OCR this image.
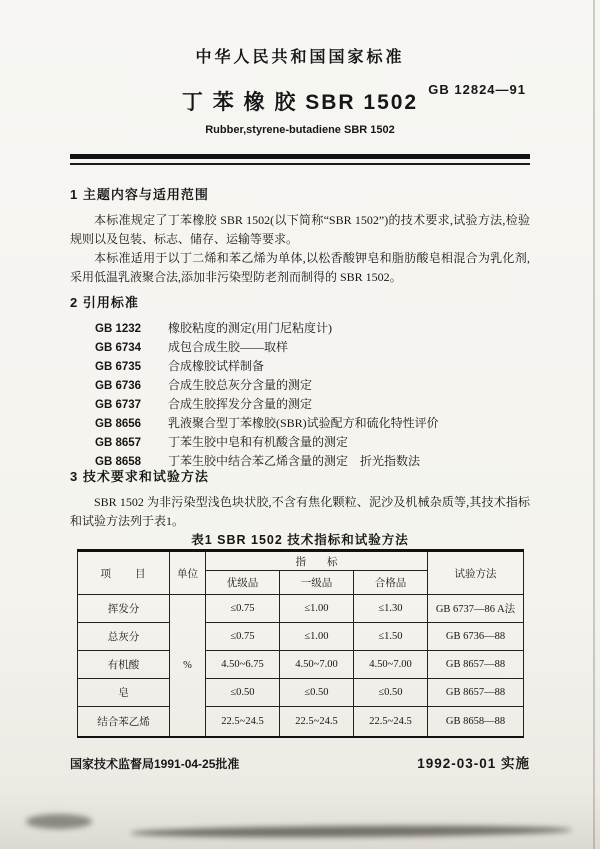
中华人民共和国国家标准
GB 12824—91
丁 苯 橡 胶 SBR 1502
Rubber,styrene-butadiene SBR 1502
1 主题内容与适用范围

本标准规定了丁苯橡胶 SBR 1502(以下简称“SBR 1502”)的技术要求,试验方法,检验规则以及包装、标志、储存、运输等要求。

本标准适用于以丁二烯和苯乙烯为单体,以松香酸钾皂和脂肪酸皂相混合为乳化剂,采用低温乳液聚合法,添加非污染型防老剂而制得的 SBR 1502。

2 引用标准
GB 1232 橡胶粘度的测定(用门尼粘度计)
GB 6734 成包合成生胶——取样
GB 6735 合成橡胶试样制备
GB 6736 合成生胶总灰分含量的测定
GB 6737 合成生胶挥发分含量的测定
GB 8656 乳液聚合型丁苯橡胶(SBR)试验配方和硫化特性评价
GB 8657 丁苯生胶中皂和有机酸含量的测定
GB 8658 丁苯生胶中结合苯乙烯含量的测定　折光指数法
3 技术要求和试验方法

SBR 1502 为非污染型浅色块状胶,不含有焦化颗粒、泥沙及机械杂质等,其技术指标和试验方法列于表1。

表1 SBR 1502 技术指标和试验方法
项　　目	单位	指　　标			试验方法
		优级品	一级品	合格品	
挥发分	%	≤0.75	≤1.00	≤1.30	GB 6737—86 A法
总灰分		≤0.75	≤1.00	≤1.50	GB 6736—88
有机酸		4.50~6.75	4.50~7.00	4.50~7.00	GB 8657—88
皂		≤0.50	≤0.50	≤0.50	GB 8657—88
结合苯乙烯		22.5~24.5	22.5~24.5	22.5~24.5	GB 8658—88
国家技术监督局1991-04-25批准	1992-03-01 实施
